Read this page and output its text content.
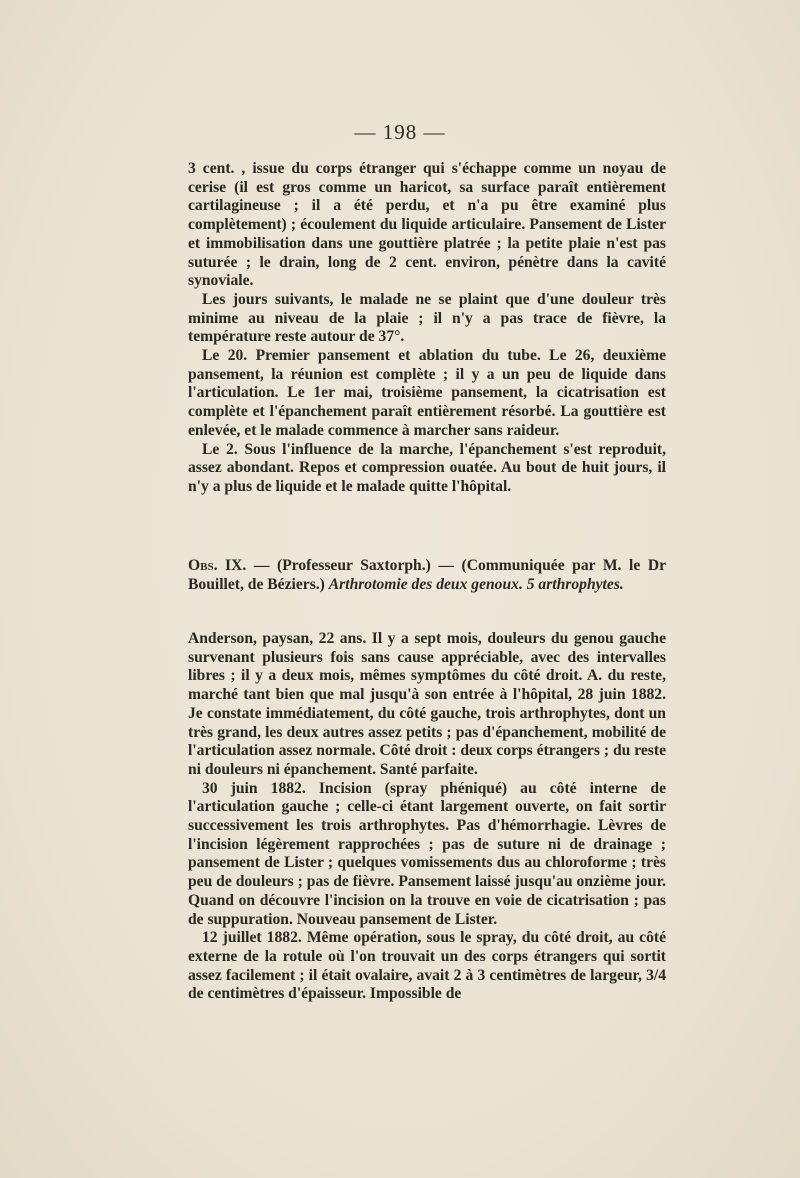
— 198 —

3 cent. , issue du corps étranger qui s'échappe comme un noyau de cerise (il est gros comme un haricot, sa surface paraît entièrement cartilagineuse ; il a été perdu, et n'a pu être examiné plus complètement) ; écoulement du liquide articulaire. Pansement de Lister et immobilisation dans une gouttière platrée ; la petite plaie n'est pas suturée ; le drain, long de 2 cent. environ, pénètre dans la cavité synoviale.

Les jours suivants, le malade ne se plaint que d'une douleur très minime au niveau de la plaie ; il n'y a pas trace de fièvre, la température reste autour de 37°.

Le 20. Premier pansement et ablation du tube. Le 26, deuxième pansement, la réunion est complète ; il y a un peu de liquide dans l'articulation. Le 1er mai, troisième pansement, la cicatrisation est complète et l'épanchement paraît entièrement résorbé. La gouttière est enlevée, et le malade commence à marcher sans raideur.

Le 2. Sous l'influence de la marche, l'épanchement s'est reproduit, assez abondant. Repos et compression ouatée. Au bout de huit jours, il n'y a plus de liquide et le malade quitte l'hôpital.

Obs. IX. — (Professeur Saxtorph.) — (Communiquée par M. le Dr Bouillet, de Béziers.) Arthrotomie des deux genoux. 5 arthrophytes.

Anderson, paysan, 22 ans. Il y a sept mois, douleurs du genou gauche survenant plusieurs fois sans cause appréciable, avec des intervalles libres ; il y a deux mois, mêmes symptômes du côté droit. A. du reste, marché tant bien que mal jusqu'à son entrée à l'hôpital, 28 juin 1882. Je constate immédiatement, du côté gauche, trois arthrophytes, dont un très grand, les deux autres assez petits ; pas d'épanchement, mobilité de l'articulation assez normale. Côté droit : deux corps étrangers ; du reste ni douleurs ni épanchement. Santé parfaite.

30 juin 1882. Incision (spray phéniqué) au côté interne de l'articulation gauche ; celle-ci étant largement ouverte, on fait sortir successivement les trois arthrophytes. Pas d'hémorrhagie. Lèvres de l'incision légèrement rapprochées ; pas de suture ni de drainage ; pansement de Lister ; quelques vomissements dus au chloroforme ; très peu de douleurs ; pas de fièvre. Pansement laissé jusqu'au onzième jour. Quand on découvre l'incision on la trouve en voie de cicatrisation ; pas de suppuration. Nouveau pansement de Lister.

12 juillet 1882. Même opération, sous le spray, du côté droit, au côté externe de la rotule où l'on trouvait un des corps étrangers qui sortit assez facilement ; il était ovalaire, avait 2 à 3 centimètres de largeur, 3/4 de centimètres d'épaisseur. Impossible de
